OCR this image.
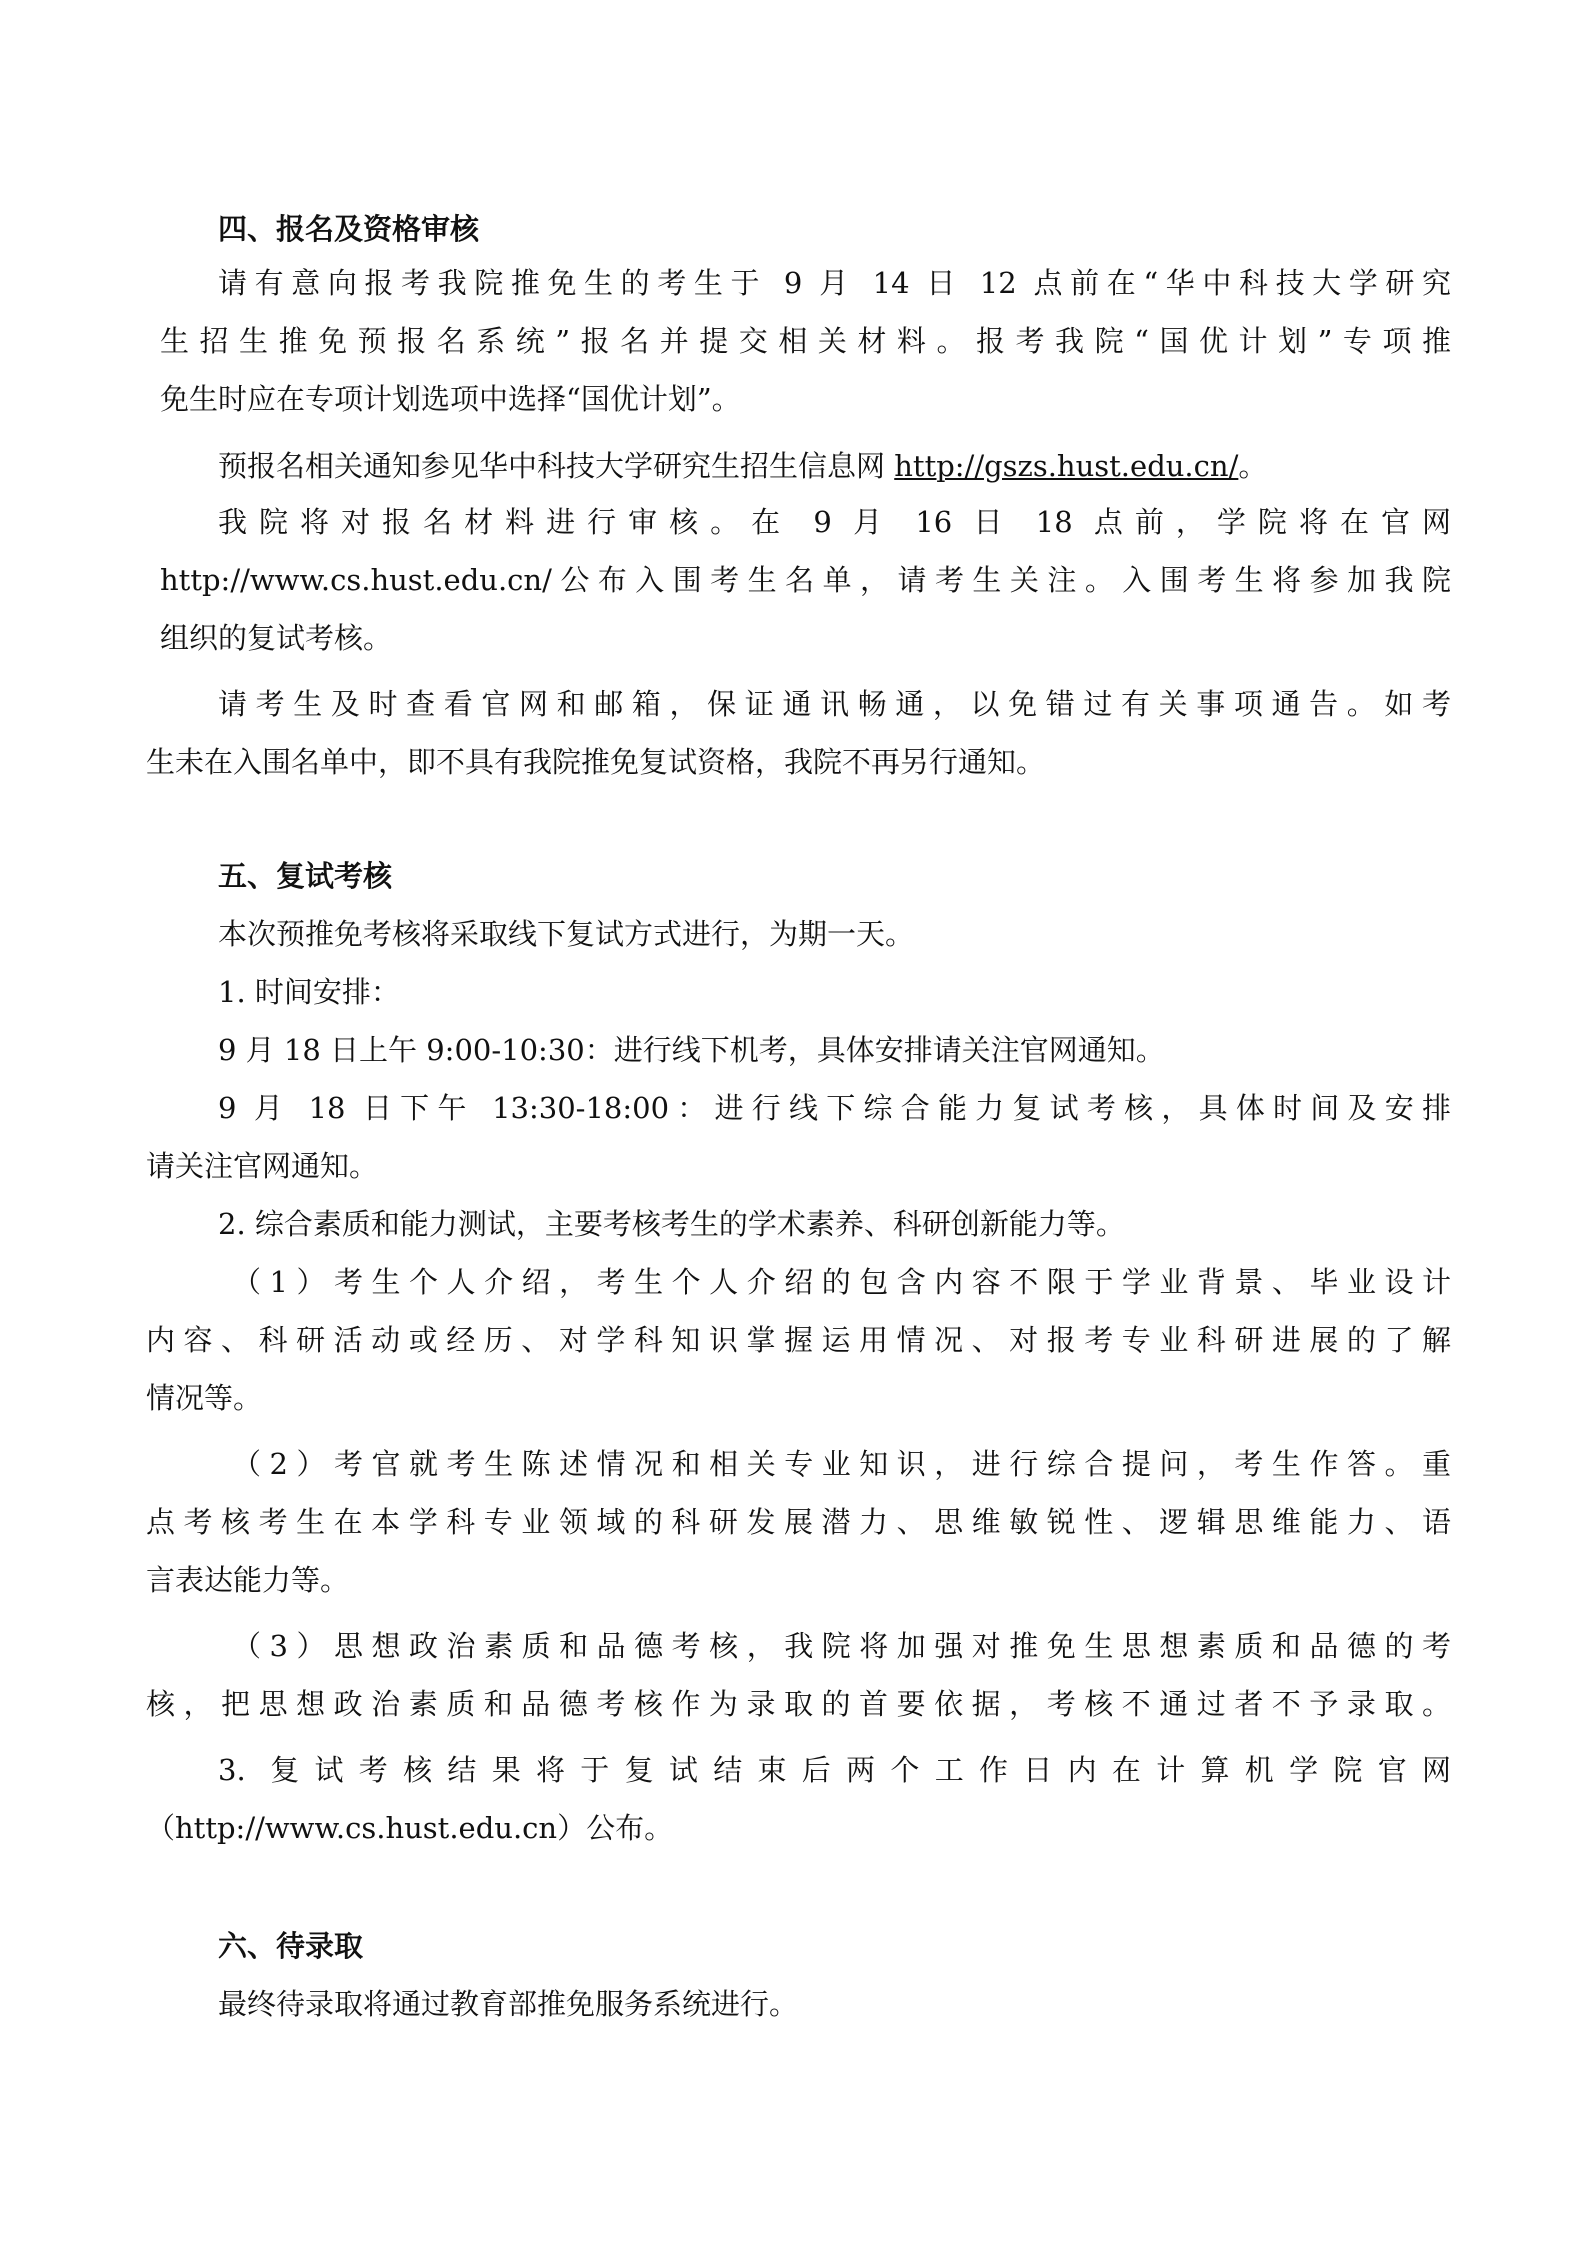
四、报名及资格审核
请有意向报考我院推免生的考生于 9 月 14 日 12 点前在“华中科技大学研究
生招生推免预报名系统”报名并提交相关材料。报考我院“国优计划”专项推
免生时应在专项计划选项中选择“国优计划”。
预报名相关通知参见华中科技大学研究生招生信息网 http://gszs.hust.edu.cn/。
我院将对报名材料进行审核。在 9 月 16 日 18 点前，学院将在官网
http://www.cs.hust.edu.cn/公布入围考生名单，请考生关注。入围考生将参加我院
组织的复试考核。
请考生及时查看官网和邮箱，保证通讯畅通，以免错过有关事项通告。如考
生未在入围名单中，即不具有我院推免复试资格，我院不再另行通知。
五、复试考核
本次预推免考核将采取线下复试方式进行，为期一天。
1. 时间安排：
9 月 18 日上午 9:00-10:30：进行线下机考，具体安排请关注官网通知。
9 月 18 日下午 13:30-18:00：进行线下综合能力复试考核，具体时间及安排
请关注官网通知。
2. 综合素质和能力测试，主要考核考生的学术素养、科研创新能力等。
（1）考生个人介绍，考生个人介绍的包含内容不限于学业背景、毕业设计
内容、科研活动或经历、对学科知识掌握运用情况、对报考专业科研进展的了解
情况等。
（2）考官就考生陈述情况和相关专业知识，进行综合提问，考生作答。重
点考核考生在本学科专业领域的科研发展潜力、思维敏锐性、逻辑思维能力、语
言表达能力等。
（3）思想政治素质和品德考核，我院将加强对推免生思想素质和品德的考
核，把思想政治素质和品德考核作为录取的首要依据，考核不通过者不予录取。
3. 复试考核结果将于复试结束后两个工作日内在计算机学院官网
（http://www.cs.hust.edu.cn）公布。
六、待录取
最终待录取将通过教育部推免服务系统进行。
